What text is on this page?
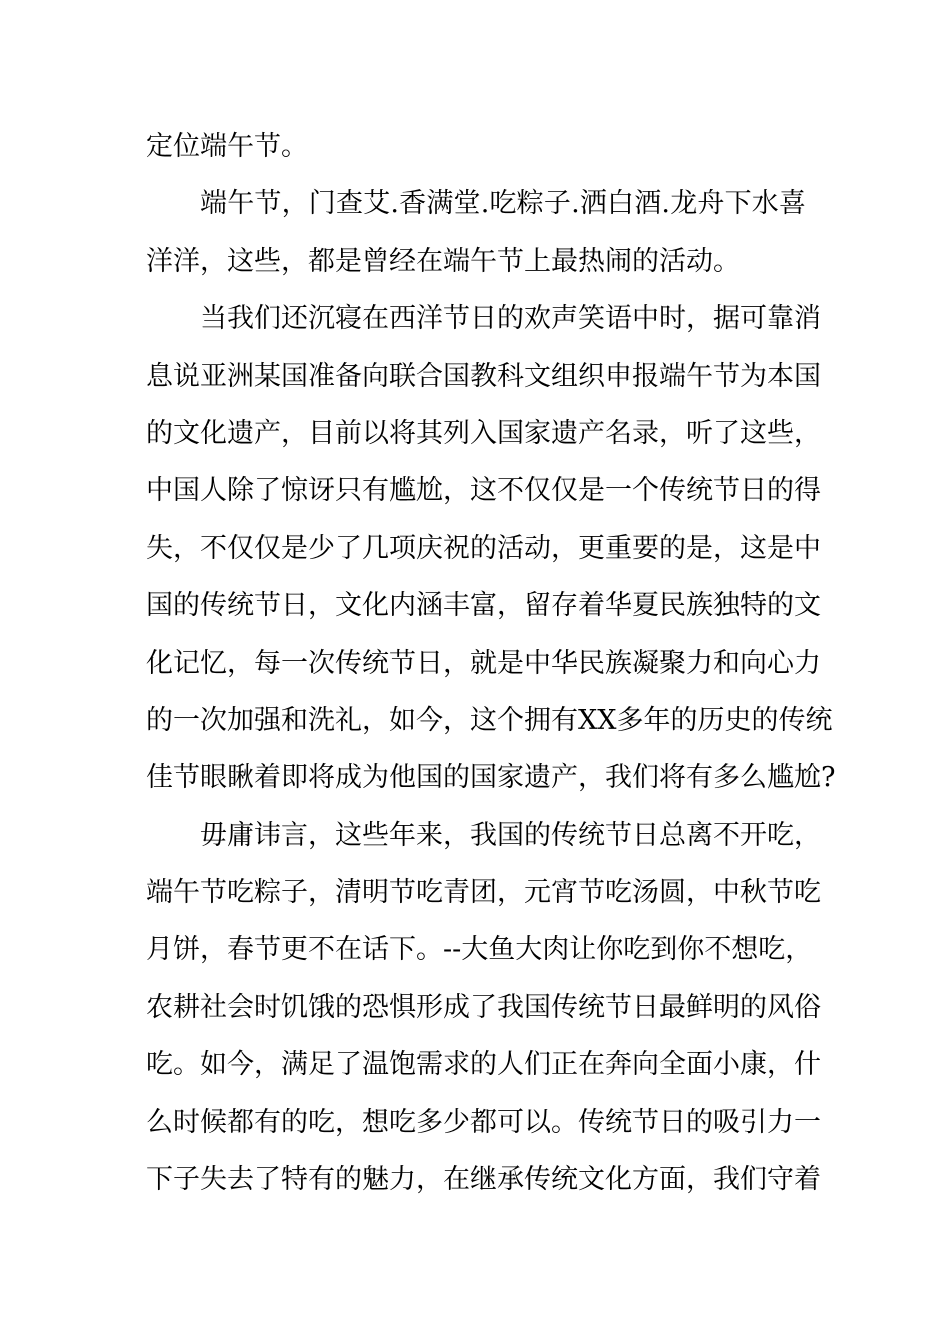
定位端午节。
端午节，门查艾.香满堂.吃粽子.洒白酒.龙舟下水喜
洋洋，这些，都是曾经在端午节上最热闹的活动。
当我们还沉寝在西洋节日的欢声笑语中时，据可靠消
息说亚洲某国准备向联合国教科文组织申报端午节为本国
的文化遗产，目前以将其列入国家遗产名录，听了这些，
中国人除了惊讶只有尴尬，这不仅仅是一个传统节日的得
失，不仅仅是少了几项庆祝的活动，更重要的是，这是中
国的传统节日，文化内涵丰富，留存着华夏民族独特的文
化记忆，每一次传统节日，就是中华民族凝聚力和向心力
的一次加强和洗礼，如今，这个拥有XX多年的历史的传统
佳节眼瞅着即将成为他国的国家遗产，我们将有多么尴尬?
毋庸讳言，这些年来，我国的传统节日总离不开吃，
端午节吃粽子，清明节吃青团，元宵节吃汤圆，中秋节吃
月饼，春节更不在话下。--大鱼大肉让你吃到你不想吃，
农耕社会时饥饿的恐惧形成了我国传统节日最鲜明的风俗
吃。如今，满足了温饱需求的人们正在奔向全面小康，什
么时候都有的吃，想吃多少都可以。传统节日的吸引力一
下子失去了特有的魅力，在继承传统文化方面，我们守着
